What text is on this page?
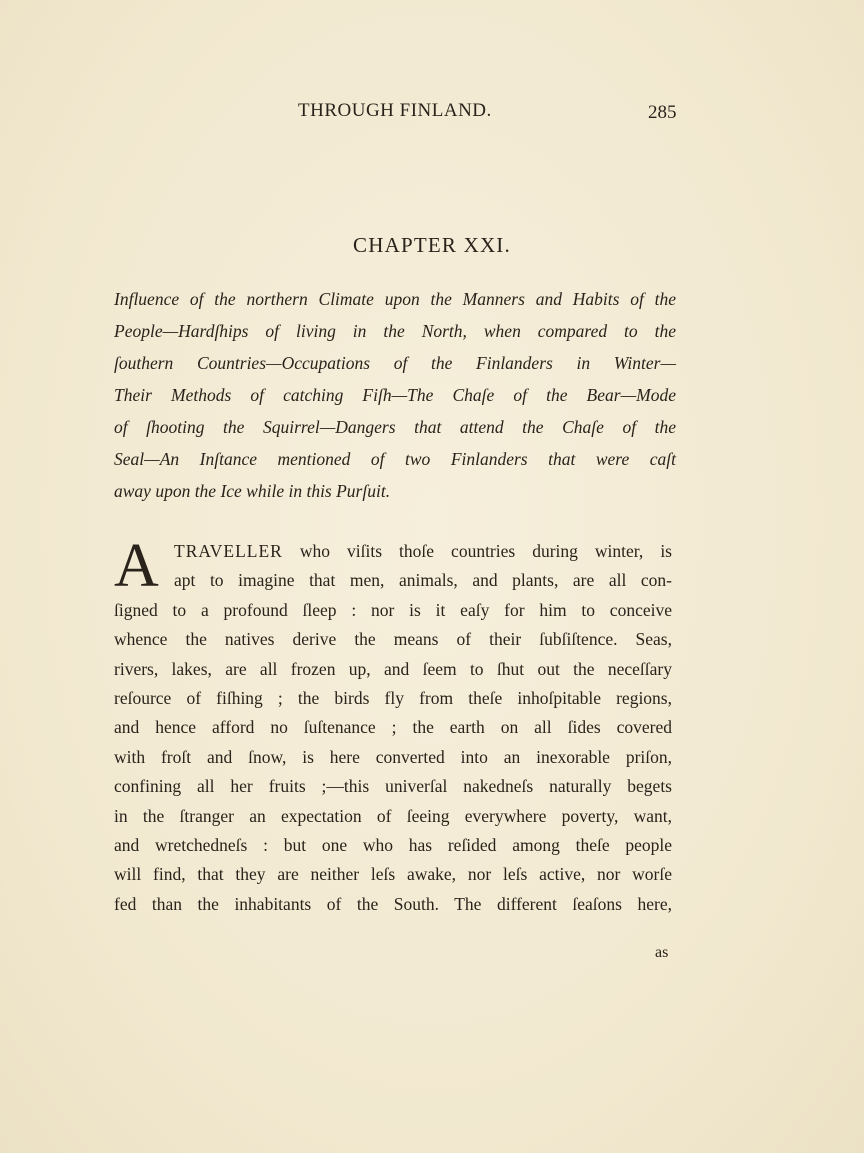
THROUGH FINLAND.	285
CHAPTER XXI.
Influence of the northern Climate upon the Manners and Habits of the
People—Hardſhips of living in the North, when compared to the
ſouthern Countries—Occupations of the Finlanders in Winter—
Their Methods of catching Fiſh—The Chaſe of the Bear—Mode
of ſhooting the Squirrel—Dangers that attend the Chaſe of the
Seal—An Inſtance mentioned of two Finlanders that were caſt
away upon the Ice while in this Purſuit.
A TRAVELLER who viſits thoſe countries during winter, is
apt to imagine that men, animals, and plants, are all con-
ſigned to a profound ſleep : nor is it eaſy for him to conceive
whence the natives derive the means of their ſubſiſtence. Seas,
rivers, lakes, are all frozen up, and ſeem to ſhut out the neceſſary
reſource of fiſhing ; the birds fly from theſe inhoſpitable regions,
and hence afford no ſuſtenance ; the earth on all ſides covered
with froſt and ſnow, is here converted into an inexorable priſon,
confining all her fruits ;—this univerſal nakedneſs naturally begets
in the ſtranger an expectation of ſeeing everywhere poverty, want,
and wretchedneſs : but one who has reſided among theſe people
will find, that they are neither leſs awake, nor leſs active, nor worſe
fed than the inhabitants of the South. The different ſeaſons here,
as
